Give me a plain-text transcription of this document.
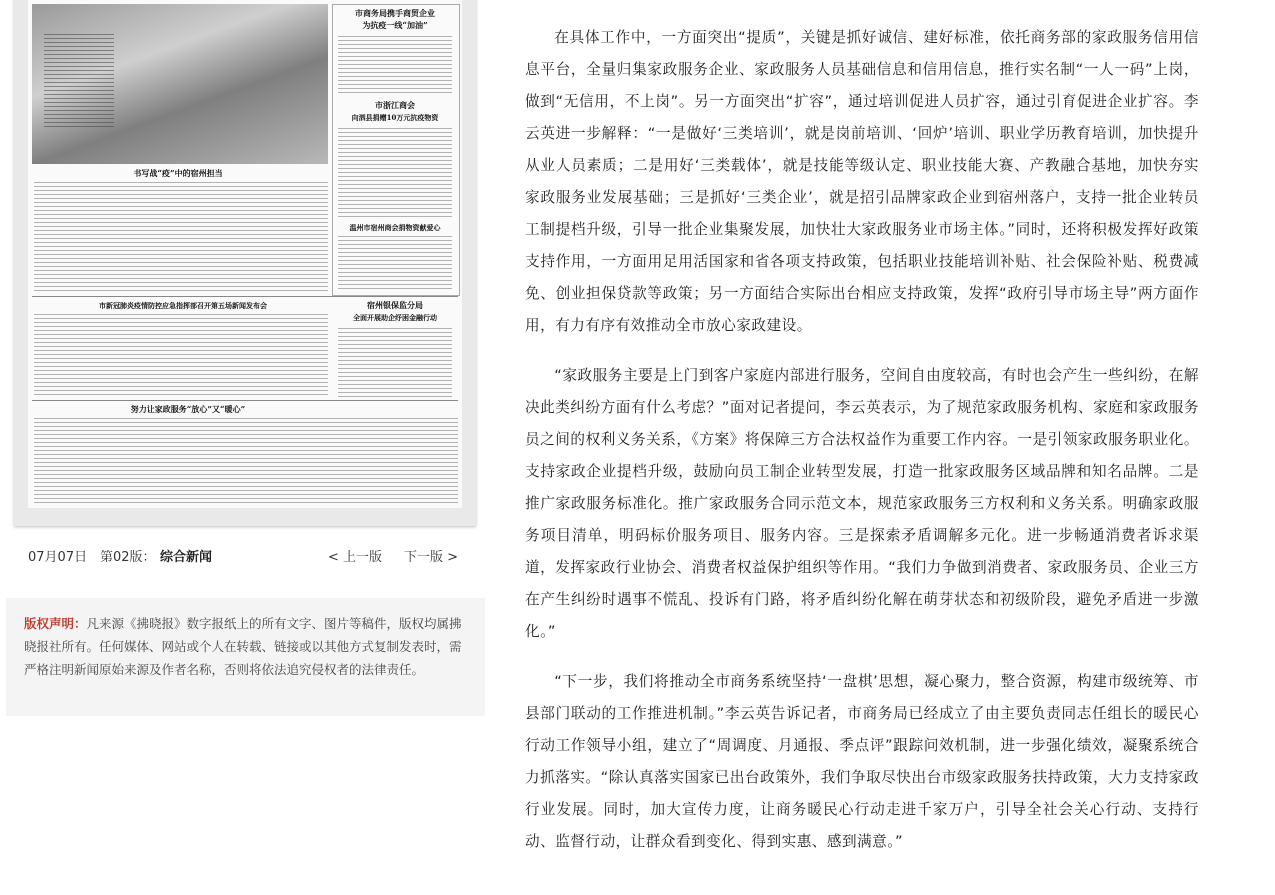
市商务局携手商贸企业
为抗疫一线“加油”
市浙江商会
向泗县捐赠10万元抗疫物资
书写战“疫”中的宿州担当
温州市宿州商会捐物资献爱心
市新冠肺炎疫情防控应急指挥部召开第五场新闻发布会	宿州银保监分局
全面开展助企纾困金融行动
努力让家政服务“放心”又“暖心”
07月07日 第02版： 综合新闻	< 上一版 下一版 >
版权声明：凡来源《拂晓报》数字报纸上的所有文字、图片等稿件，版权均属拂晓报社所有。任何媒体、网站或个人在转载、链接或以其他方式复制发表时，需严格注明新闻原始来源及作者名称，否则将依法追究侵权者的法律责任。

在具体工作中，一方面突出“提质”，关键是抓好诚信、建好标准，依托商务部的家政服务信用信息平台，全量归集家政服务企业、家政服务人员基础信息和信用信息，推行实名制“一人一码”上岗，做到“无信用，不上岗”。另一方面突出“扩容”，通过培训促进人员扩容，通过引育促进企业扩容。李云英进一步解释：“一是做好‘三类培训’，就是岗前培训、‘回炉’培训、职业学历教育培训，加快提升从业人员素质；二是用好‘三类载体’，就是技能等级认定、职业技能大赛、产教融合基地，加快夯实家政服务业发展基础；三是抓好‘三类企业’，就是招引品牌家政企业到宿州落户，支持一批企业转员工制提档升级，引导一批企业集聚发展，加快壮大家政服务业市场主体。”同时，还将积极发挥好政策支持作用，一方面用足用活国家和省各项支持政策，包括职业技能培训补贴、社会保险补贴、税费减免、创业担保贷款等政策；另一方面结合实际出台相应支持政策，发挥“政府引导市场主导”两方面作用，有力有序有效推动全市放心家政建设。

“家政服务主要是上门到客户家庭内部进行服务，空间自由度较高，有时也会产生一些纠纷，在解决此类纠纷方面有什么考虑？”面对记者提问，李云英表示，为了规范家政服务机构、家庭和家政服务员之间的权利义务关系，《方案》将保障三方合法权益作为重要工作内容。一是引领家政服务职业化。支持家政企业提档升级，鼓励向员工制企业转型发展，打造一批家政服务区域品牌和知名品牌。二是推广家政服务标准化。推广家政服务合同示范文本，规范家政服务三方权利和义务关系。明确家政服务项目清单，明码标价服务项目、服务内容。三是探索矛盾调解多元化。进一步畅通消费者诉求渠道，发挥家政行业协会、消费者权益保护组织等作用。“我们力争做到消费者、家政服务员、企业三方在产生纠纷时遇事不慌乱、投诉有门路，将矛盾纠纷化解在萌芽状态和初级阶段，避免矛盾进一步激化。”

“下一步，我们将推动全市商务系统坚持‘一盘棋’思想，凝心聚力，整合资源，构建市级统筹、市县部门联动的工作推进机制。”李云英告诉记者，市商务局已经成立了由主要负责同志任组长的暖民心行动工作领导小组，建立了“周调度、月通报、季点评”跟踪问效机制，进一步强化绩效，凝聚系统合力抓落实。“除认真落实国家已出台政策外，我们争取尽快出台市级家政服务扶持政策，大力支持家政行业发展。同时，加大宣传力度，让商务暖民心行动走进千家万户，引导全社会关心行动、支持行动、监督行动，让群众看到变化、得到实惠、感到满意。”
